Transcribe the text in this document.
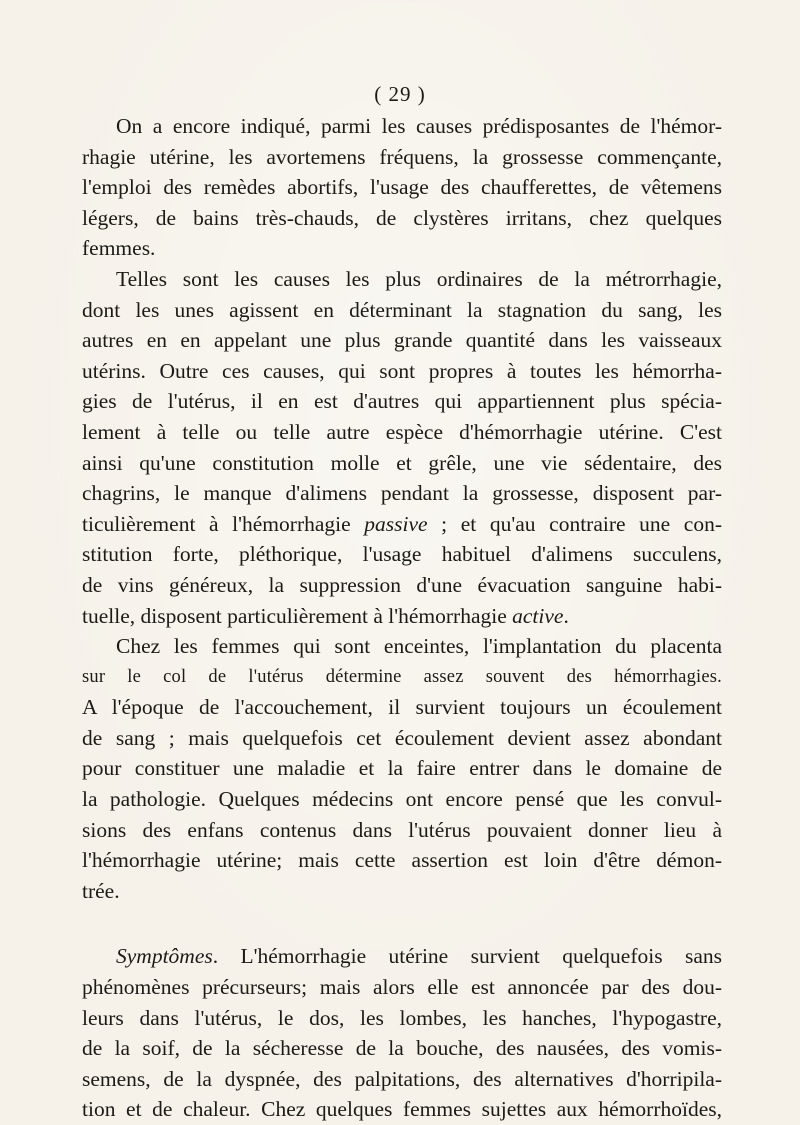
( 29 )
On a encore indiqué, parmi les causes prédisposantes de l'hémor-
rhagie utérine, les avortemens fréquens, la grossesse commençante,
l'emploi des remèdes abortifs, l'usage des chaufferettes, de vêtemens
légers, de bains très-chauds, de clystères irritans, chez quelques
femmes.
Telles sont les causes les plus ordinaires de la métrorrhagie,
dont les unes agissent en déterminant la stagnation du sang, les
autres en en appelant une plus grande quantité dans les vaisseaux
utérins. Outre ces causes, qui sont propres à toutes les hémorrha-
gies de l'utérus, il en est d'autres qui appartiennent plus spécia-
lement à telle ou telle autre espèce d'hémorrhagie utérine. C'est
ainsi qu'une constitution molle et grêle, une vie sédentaire, des
chagrins, le manque d'alimens pendant la grossesse, disposent par-
ticulièrement à l'hémorrhagie passive ; et qu'au contraire une con-
stitution forte, pléthorique, l'usage habituel d'alimens succulens,
de vins généreux, la suppression d'une évacuation sanguine habi-
tuelle, disposent particulièrement à l'hémorrhagie active.
Chez les femmes qui sont enceintes, l'implantation du placenta
sur le col de l'utérus détermine assez souvent des hémorrhagies.
A l'époque de l'accouchement, il survient toujours un écoulement
de sang ; mais quelquefois cet écoulement devient assez abondant
pour constituer une maladie et la faire entrer dans le domaine de
la pathologie. Quelques médecins ont encore pensé que les convul-
sions des enfans contenus dans l'utérus pouvaient donner lieu à
l'hémorrhagie utérine; mais cette assertion est loin d'être démon-
trée.
Symptômes. L'hémorrhagie utérine survient quelquefois sans
phénomènes précurseurs; mais alors elle est annoncée par des dou-
leurs dans l'utérus, le dos, les lombes, les hanches, l'hypogastre,
de la soif, de la sécheresse de la bouche, des nausées, des vomis-
semens, de la dyspnée, des palpitations, des alternatives d'horripila-
tion et de chaleur. Chez quelques femmes sujettes aux hémorrhoïdes,
